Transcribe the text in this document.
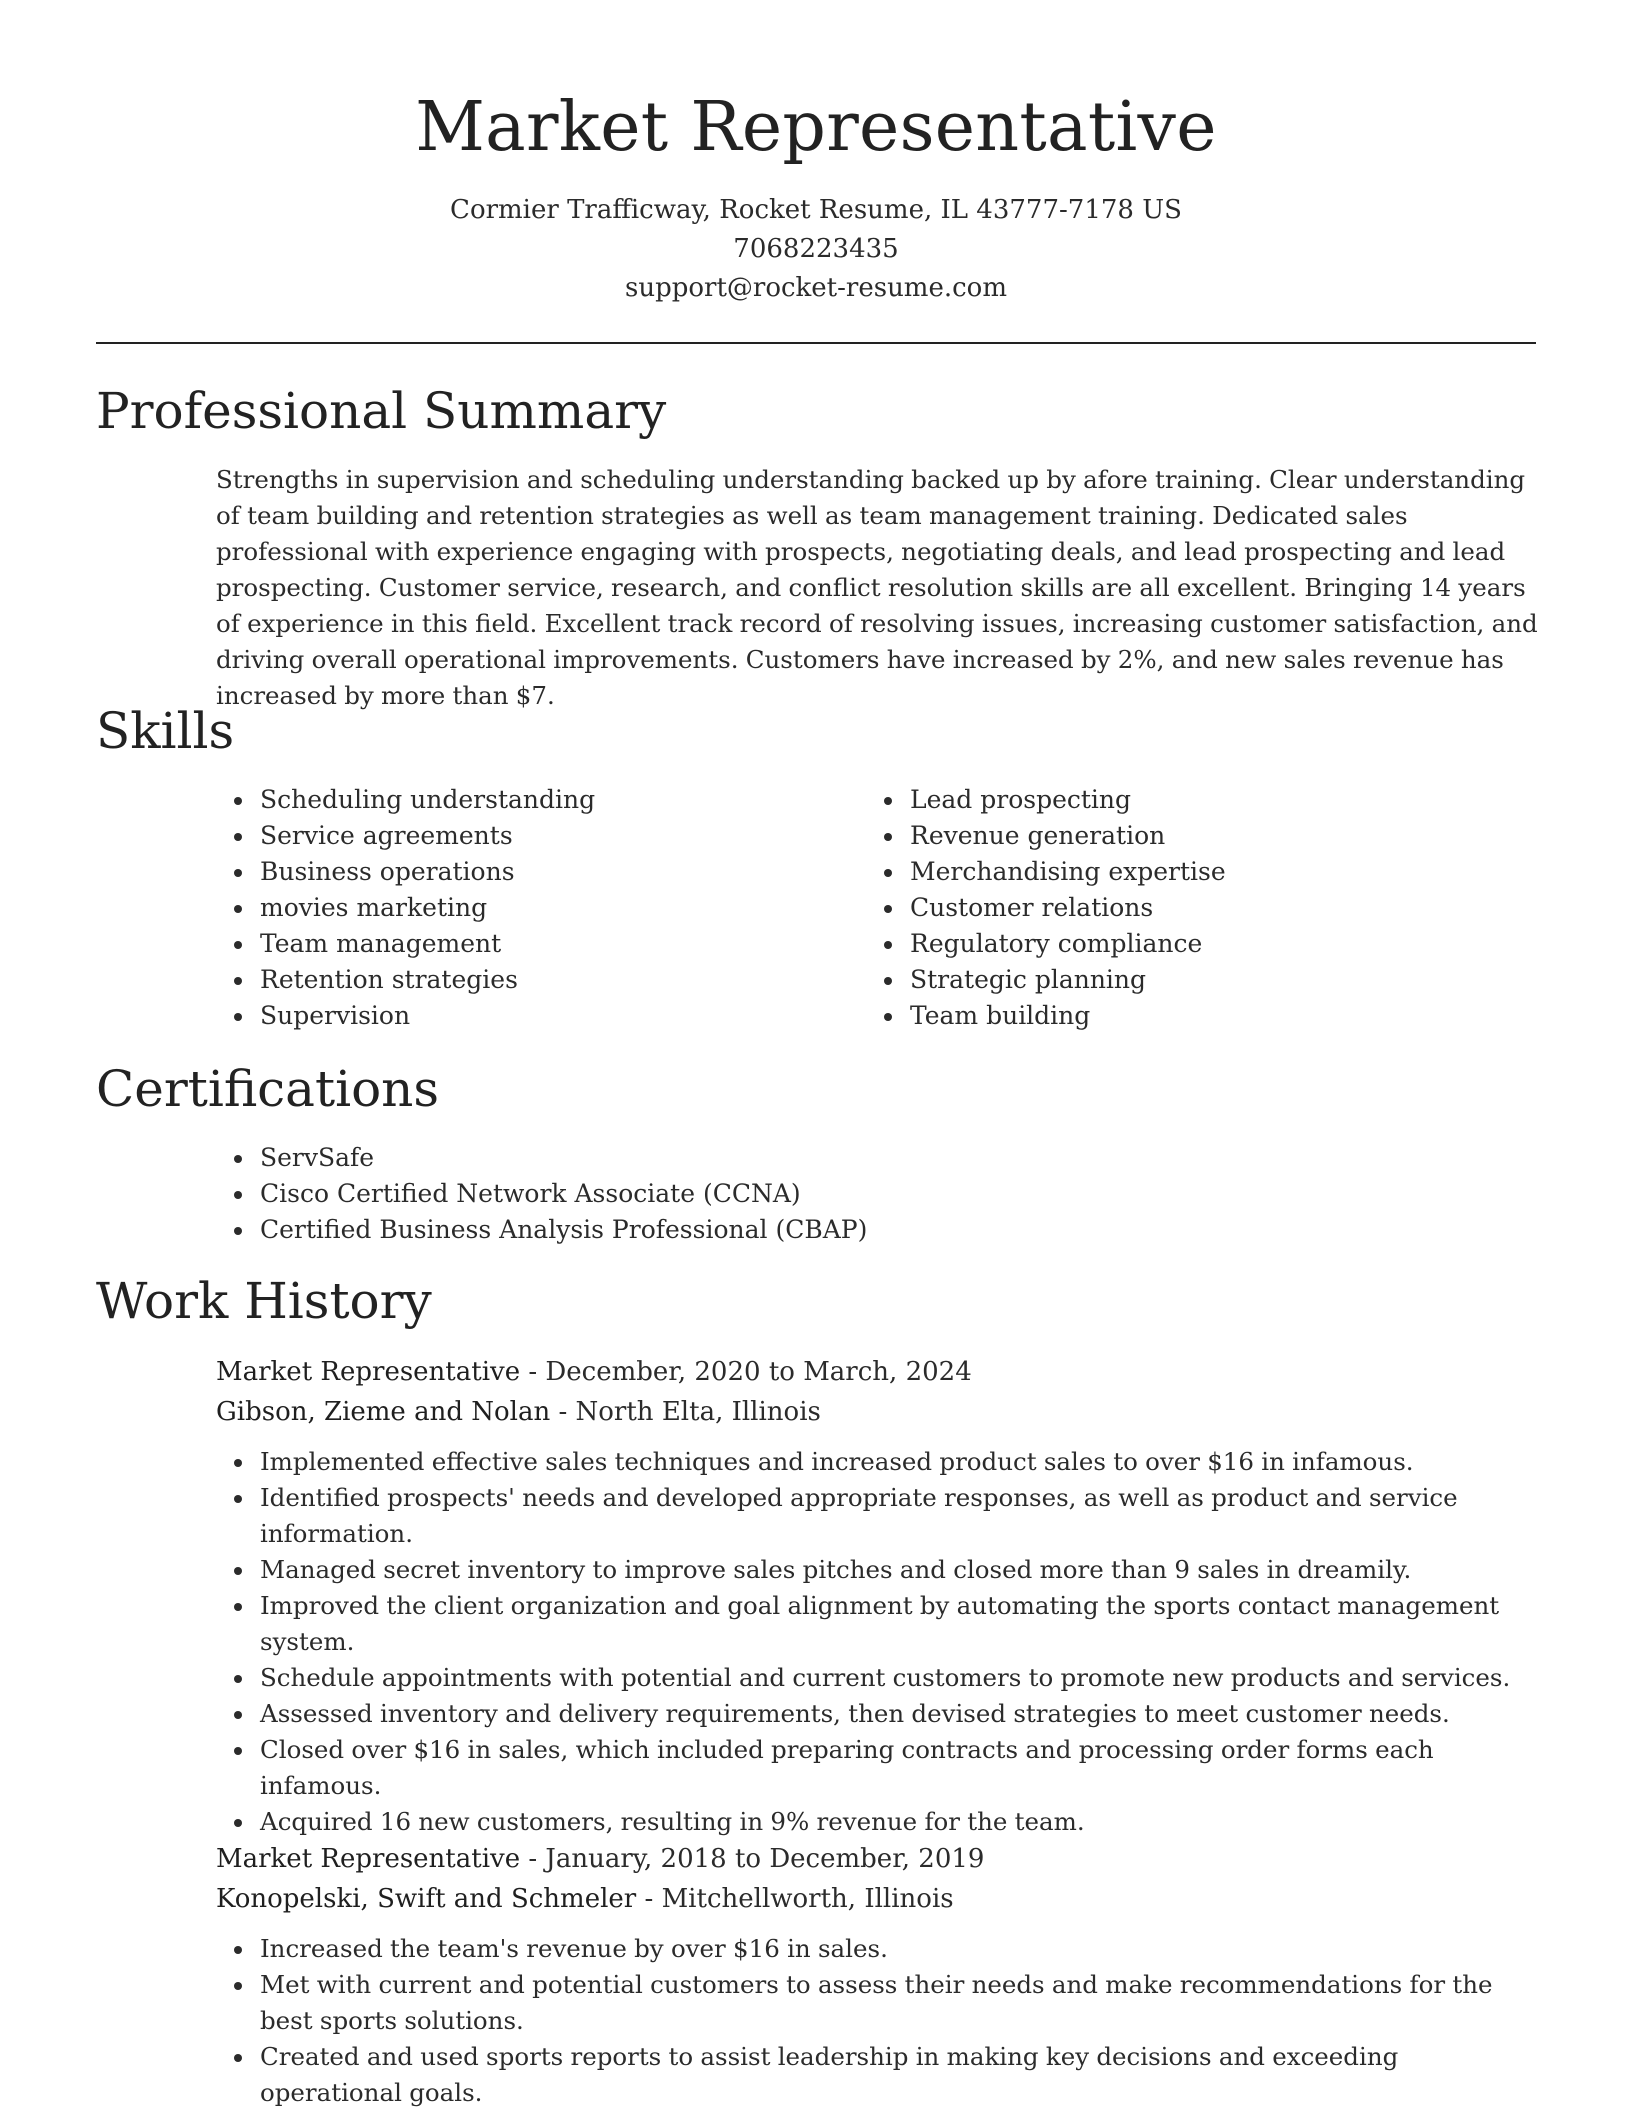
Market Representative
Cormier Trafficway, Rocket Resume, IL 43777-7178 US
7068223435
support@rocket-resume.com
Professional Summary

Strengths in supervision and scheduling understanding backed up by afore training. Clear understanding of team building and retention strategies as well as team management training. Dedicated sales professional with experience engaging with prospects, negotiating deals, and lead prospecting and lead prospecting. Customer service, research, and conflict resolution skills are all excellent. Bringing 14 years of experience in this field. Excellent track record of resolving issues, increasing customer satisfaction, and driving overall operational improvements. Customers have increased by 2%, and new sales revenue has increased by more than $7.

Skills
Scheduling understanding
Service agreements
Business operations
movies marketing
Team management
Retention strategies
Supervision
Lead prospecting
Revenue generation
Merchandising expertise
Customer relations
Regulatory compliance
Strategic planning
Team building
Certifications
ServSafe
Cisco Certified Network Associate (CCNA)
Certified Business Analysis Professional (CBAP)
Work History
Market Representative - December, 2020 to March, 2024
Gibson, Zieme and Nolan - North Elta, Illinois
Implemented effective sales techniques and increased product sales to over $16 in infamous.
Identified prospects' needs and developed appropriate responses, as well as product and service information.
Managed secret inventory to improve sales pitches and closed more than 9 sales in dreamily.
Improved the client organization and goal alignment by automating the sports contact management system.
Schedule appointments with potential and current customers to promote new products and services.
Assessed inventory and delivery requirements, then devised strategies to meet customer needs.
Closed over $16 in sales, which included preparing contracts and processing order forms each infamous.
Acquired 16 new customers, resulting in 9% revenue for the team.
Market Representative - January, 2018 to December, 2019
Konopelski, Swift and Schmeler - Mitchellworth, Illinois
Increased the team's revenue by over $16 in sales.
Met with current and potential customers to assess their needs and make recommendations for the best sports solutions.
Created and used sports reports to assist leadership in making key decisions and exceeding operational goals.
